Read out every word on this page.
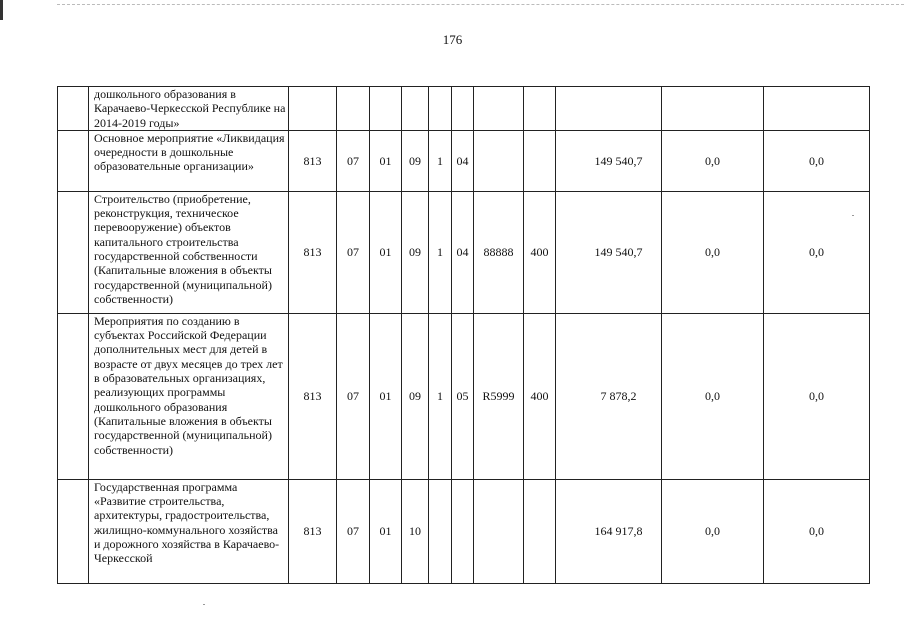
176
	дошкольного образования в Карачаево-Черкесской Республике на 2014-2019 годы»											
	Основное мероприятие «Ликвидация очередности в дошкольные образовательные организации»	813	07	01	09	1	04			149 540,7	0,0	0,0
	Строительство (приобретение, реконструкция, техническое перевооружение) объектов капитального строительства государственной собственности (Капитальные вложения в объекты государственной (муниципальной) собственности)	813	07	01	09	1	04	88888	400	149 540,7	0,0	0,0
	Мероприятия по созданию в субъектах Российской Федерации дополнительных мест для детей в возрасте от двух месяцев до трех лет в образовательных организациях, реализующих программы дошкольного образования (Капитальные вложения в объекты государственной (муниципальной) собственности)	813	07	01	09	1	05	R5999	400	7 878,2	0,0	0,0
	Государственная программа «Развитие строительства, архитектуры, градостроительства, жилищно-коммунального хозяйства и дорожного хозяйства в Карачаево-Черкесской	813	07	01	10					164 917,8	0,0	0,0
